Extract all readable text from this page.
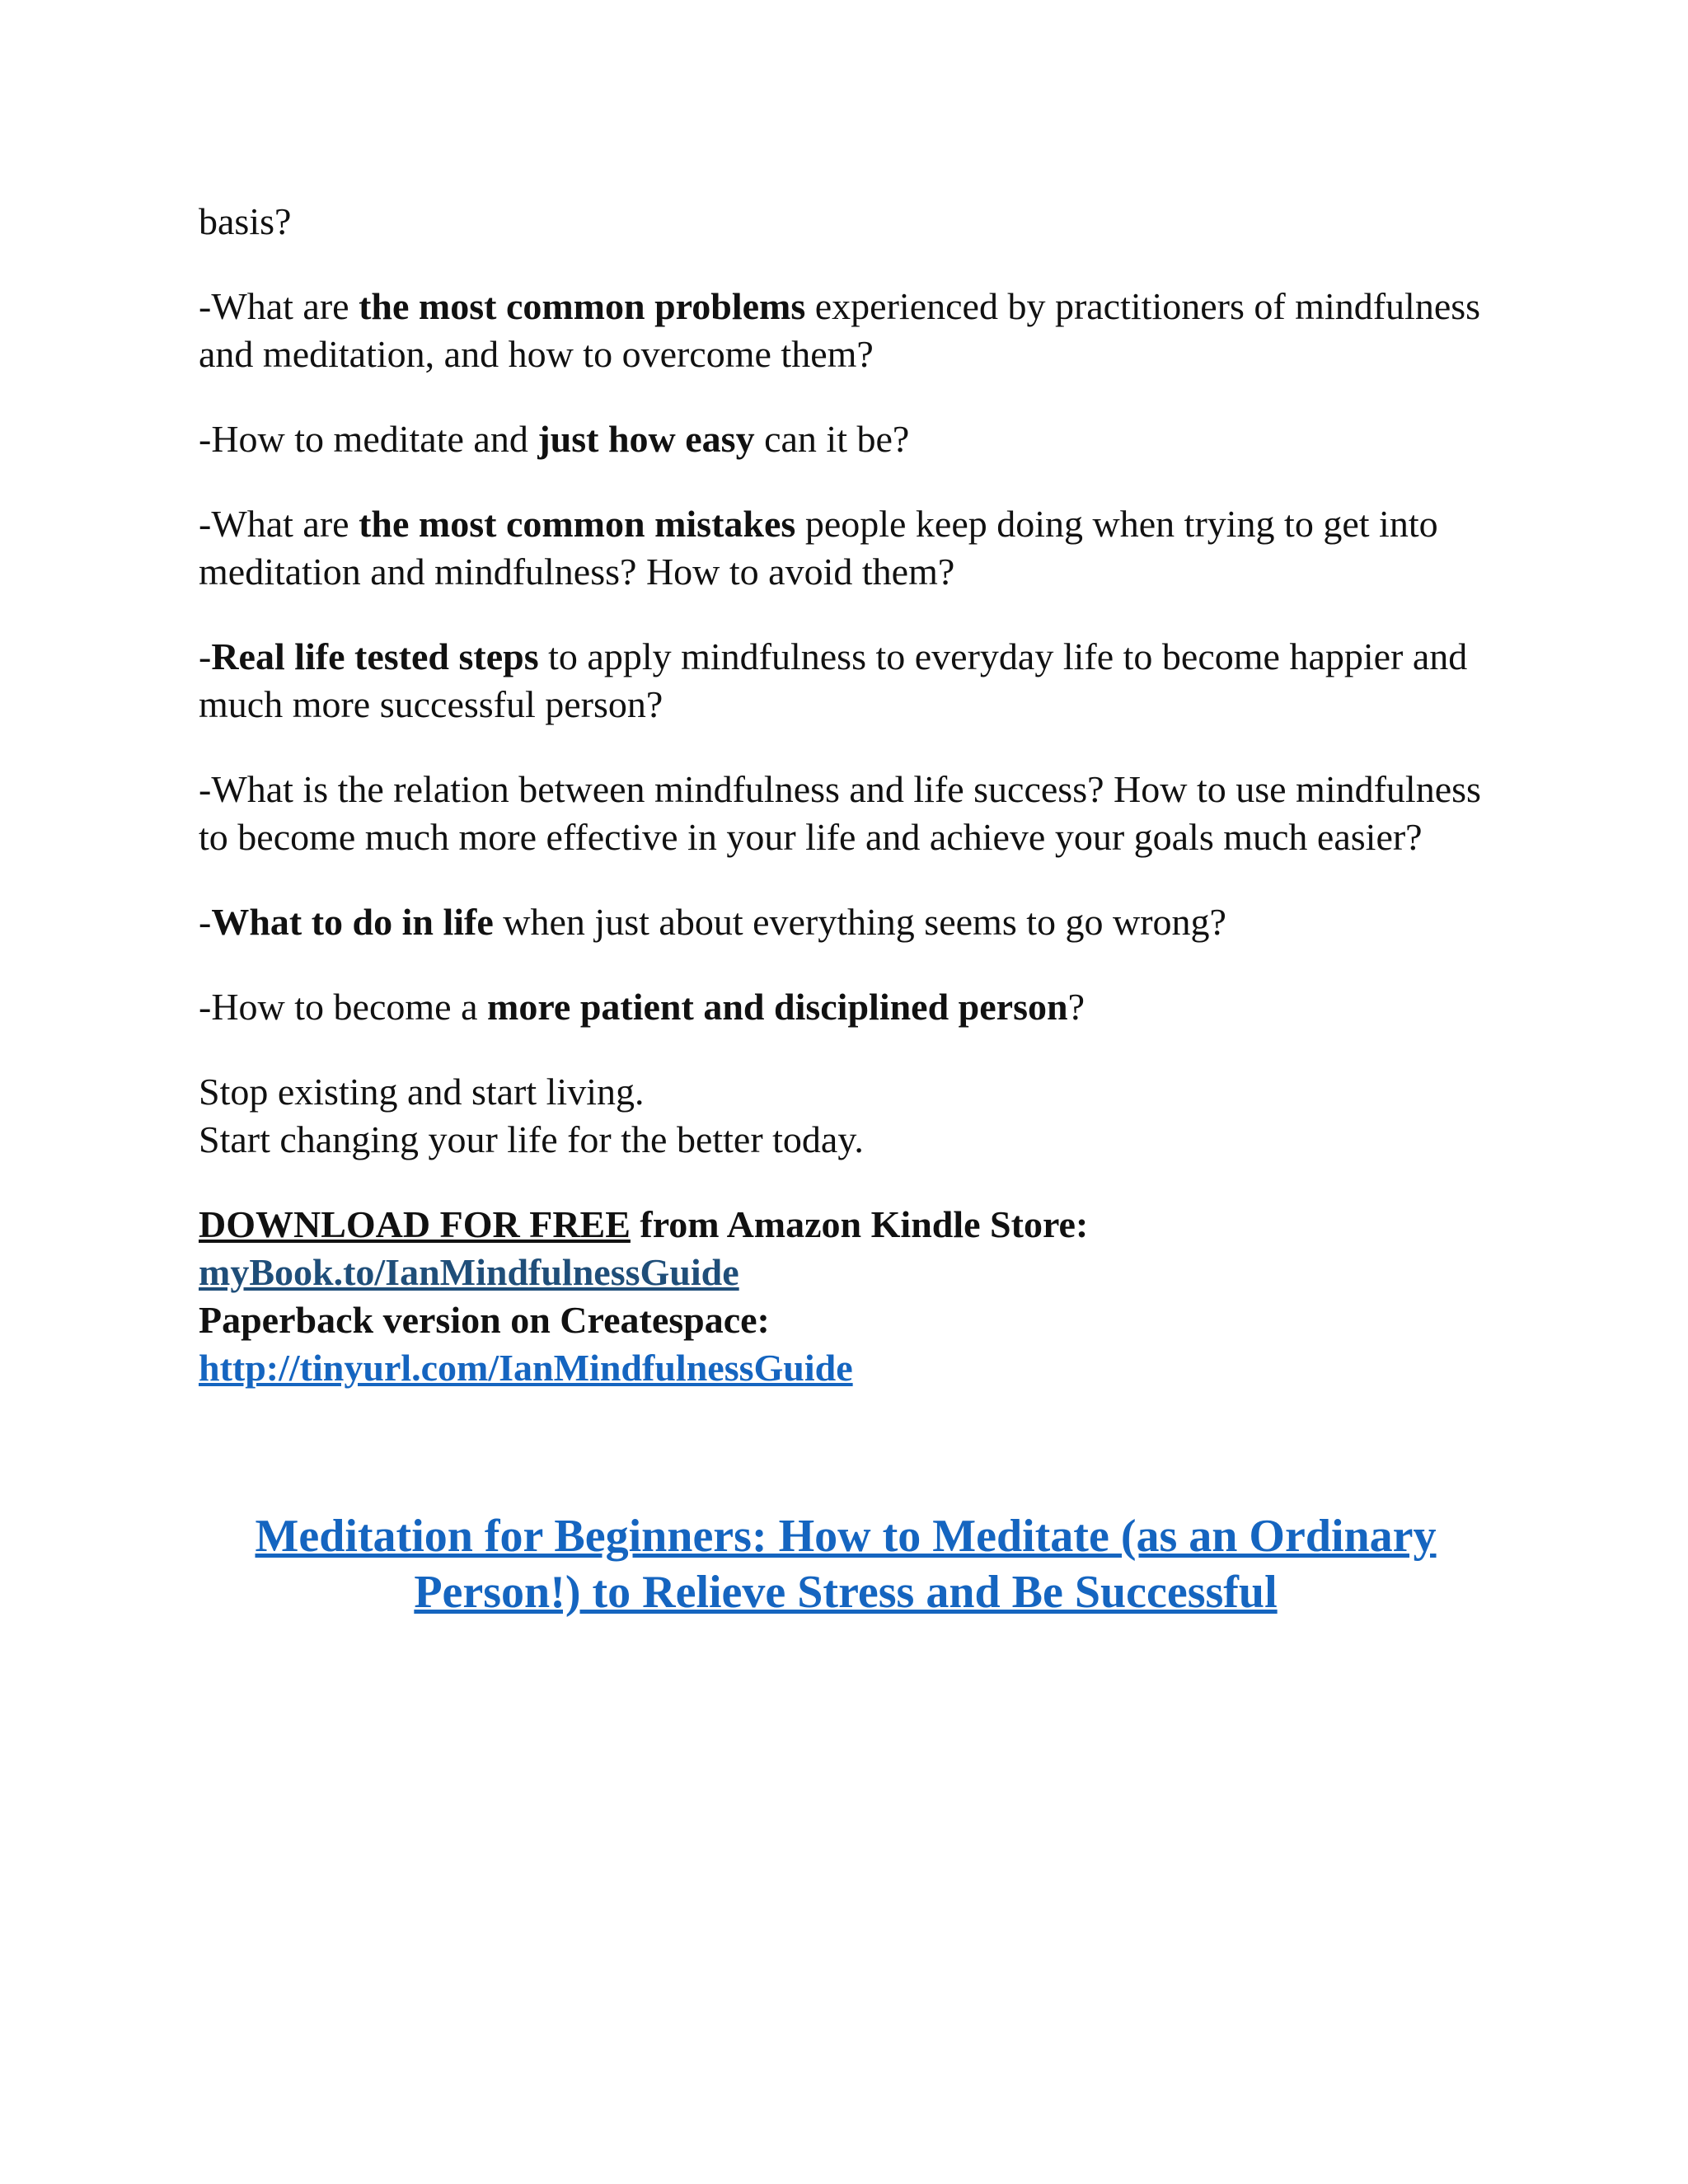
basis?

-What are the most common problems experienced by practitioners of mindfulness and meditation, and how to overcome them?

-How to meditate and just how easy can it be?

-What are the most common mistakes people keep doing when trying to get into meditation and mindfulness? How to avoid them?

-Real life tested steps to apply mindfulness to everyday life to become happier and much more successful person?

-What is the relation between mindfulness and life success? How to use mindfulness to become much more effective in your life and achieve your goals much easier?

-What to do in life when just about everything seems to go wrong?

-How to become a more patient and disciplined person?

Stop existing and start living.
Start changing your life for the better today.

DOWNLOAD FOR FREE from Amazon Kindle Store:
myBook.to/IanMindfulnessGuide
Paperback version on Createspace:
http://tinyurl.com/IanMindfulnessGuide
Meditation for Beginners: How to Meditate (as an Ordinary Person!) to Relieve Stress and Be Successful
